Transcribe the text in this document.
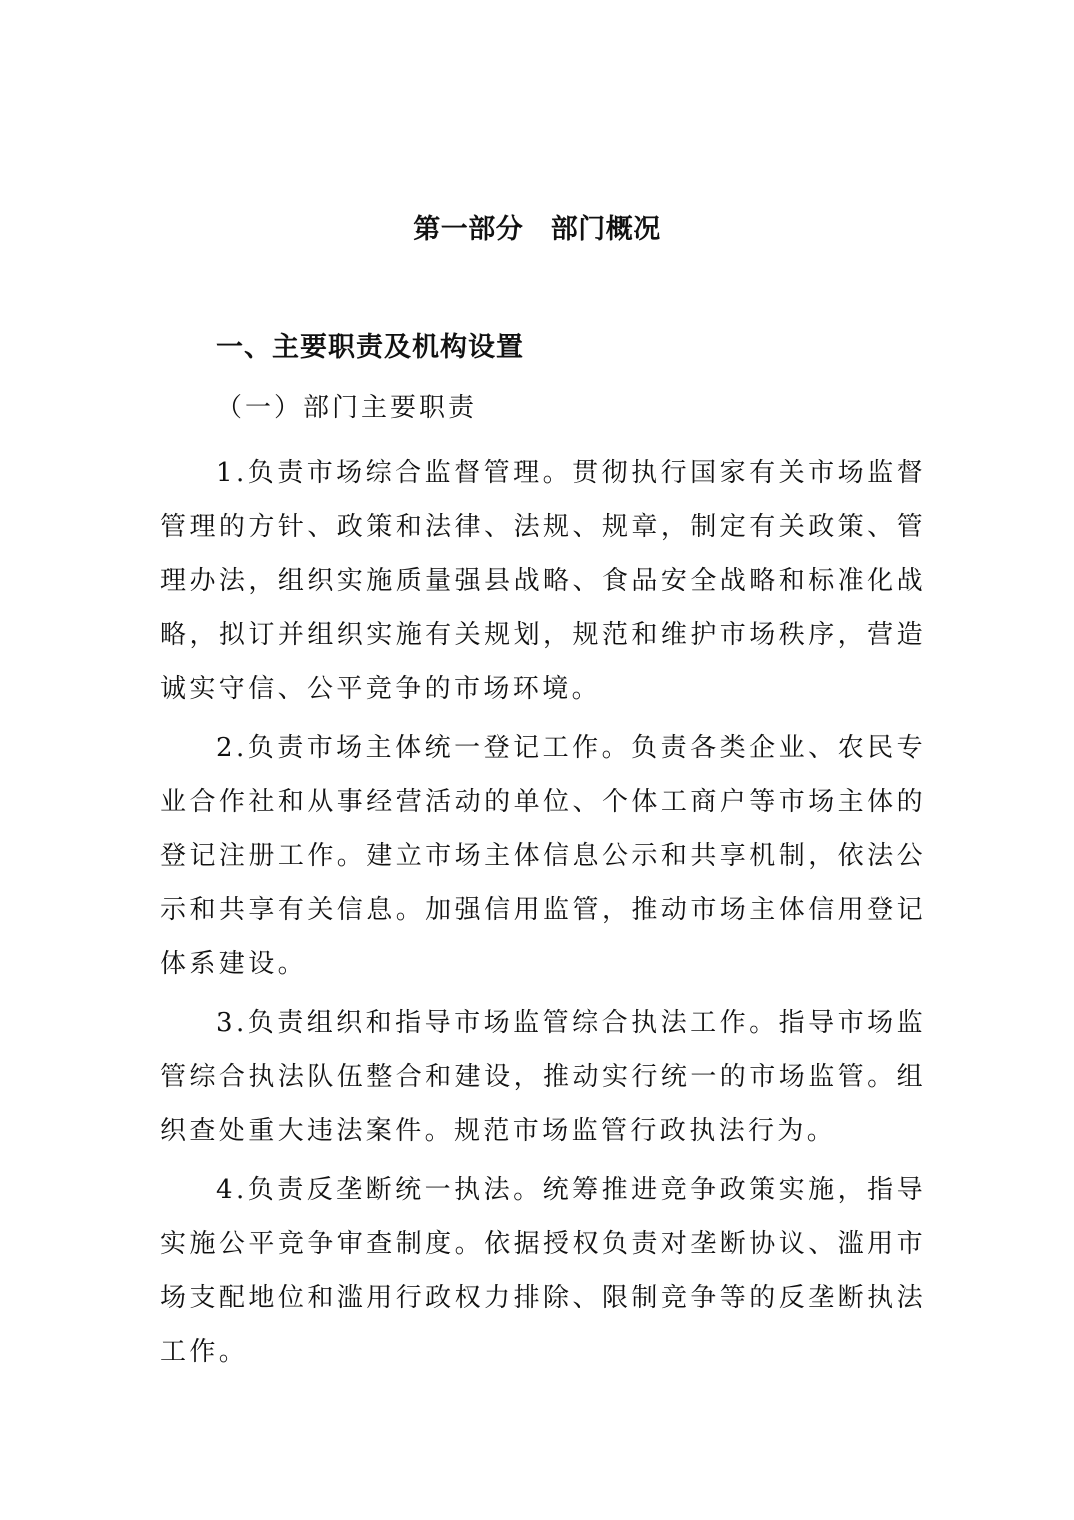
第一部分　部门概况
一、主要职责及机构设置
（一）部门主要职责

1.负责市场综合监督管理。贯彻执行国家有关市场监督管理的方针、政策和法律、法规、规章，制定有关政策、管理办法，组织实施质量强县战略、食品安全战略和标准化战略，拟订并组织实施有关规划，规范和维护市场秩序，营造诚实守信、公平竞争的市场环境。

2.负责市场主体统一登记工作。负责各类企业、农民专业合作社和从事经营活动的单位、个体工商户等市场主体的登记注册工作。建立市场主体信息公示和共享机制，依法公示和共享有关信息。加强信用监管，推动市场主体信用登记体系建设。

3.负责组织和指导市场监管综合执法工作。指导市场监管综合执法队伍整合和建设，推动实行统一的市场监管。组织查处重大违法案件。规范市场监管行政执法行为。

4.负责反垄断统一执法。统筹推进竞争政策实施，指导实施公平竞争审查制度。依据授权负责对垄断协议、滥用市场支配地位和滥用行政权力排除、限制竞争等的反垄断执法工作。
